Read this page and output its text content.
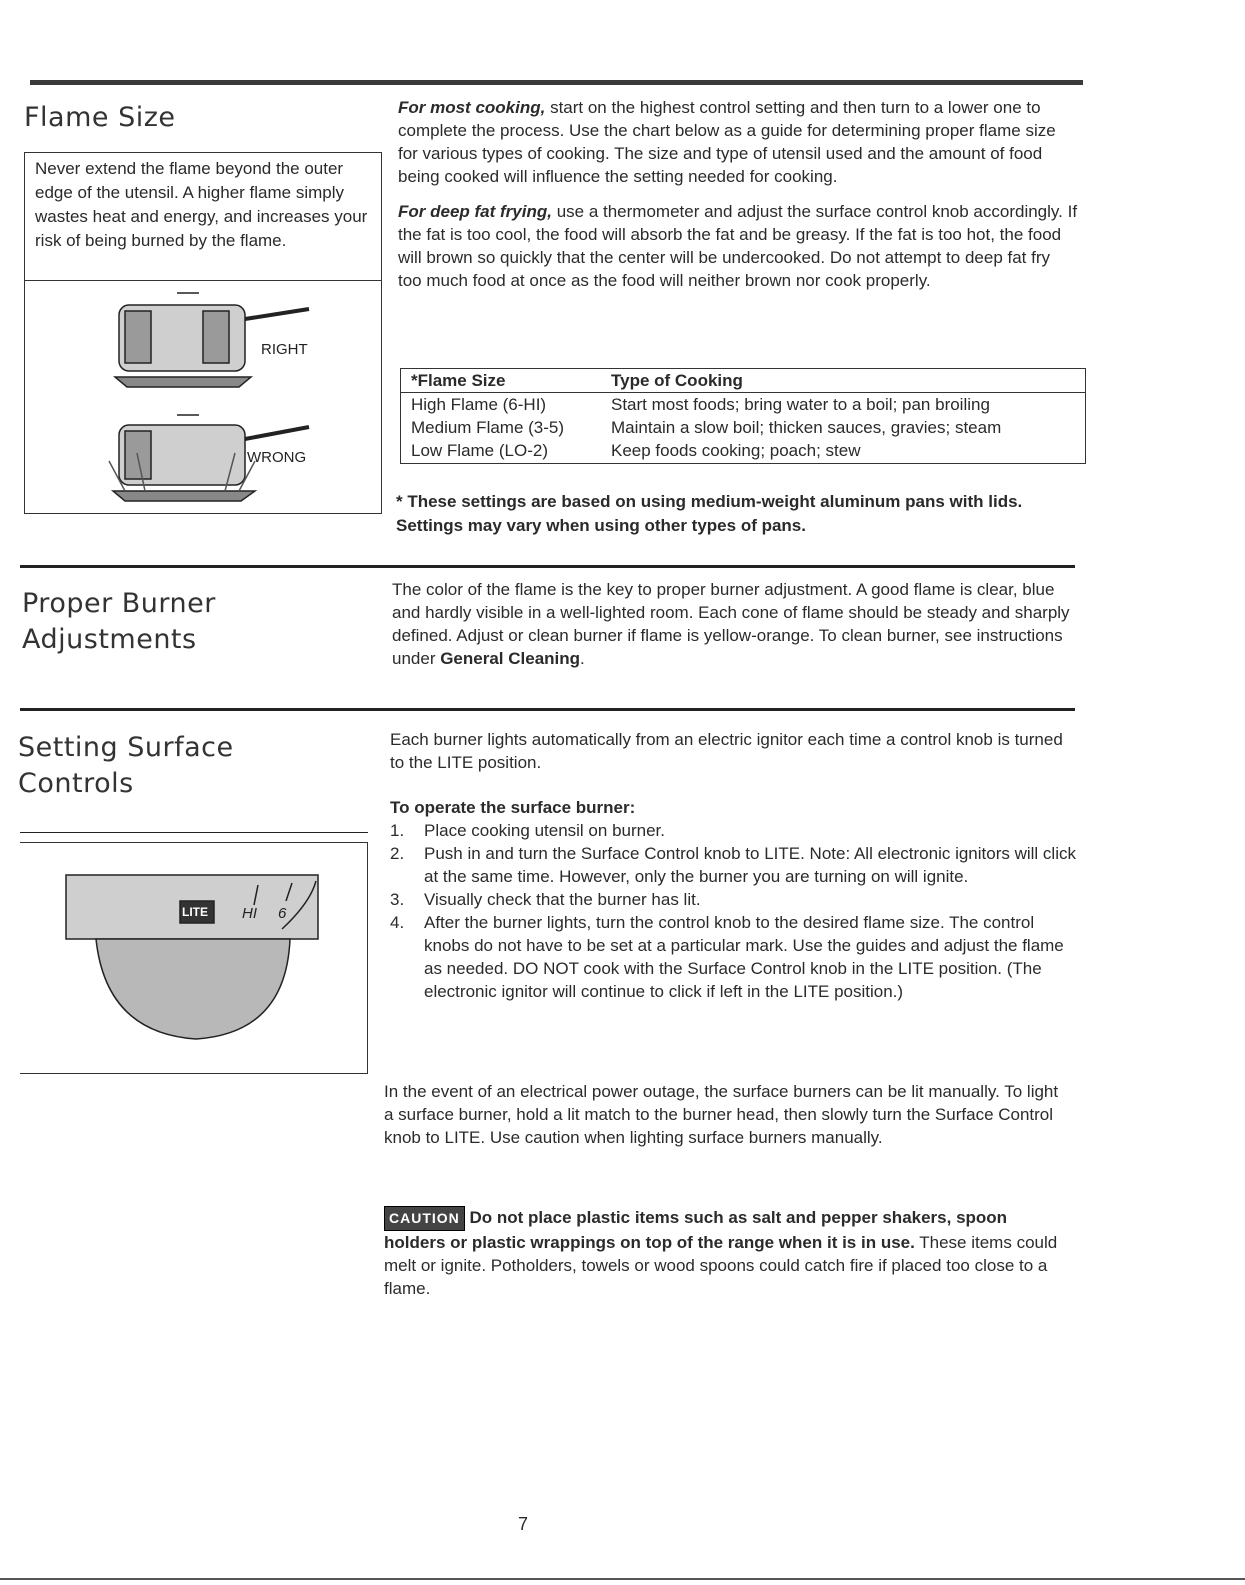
Flame Size
Never extend the flame beyond the outer edge of the utensil. A higher flame simply wastes heat and energy, and increases your risk of being burned by the flame.
RIGHT
WRONG

For most cooking, start on the highest control setting and then turn to a lower one to complete the process. Use the chart below as a guide for determining proper flame size for various types of cooking. The size and type of utensil used and the amount of food being cooked will influence the setting needed for cooking.

For deep fat frying, use a thermometer and adjust the surface control knob accordingly. If the fat is too cool, the food will absorb the fat and be greasy. If the fat is too hot, the food will brown so quickly that the center will be undercooked. Do not attempt to deep fat fry too much food at once as the food will neither brown nor cook properly.

*Flame Size	Type of Cooking
High Flame (6-HI)	Start most foods; bring water to a boil; pan broiling
Medium Flame (3-5)	Maintain a slow boil; thicken sauces, gravies; steam
Low Flame (LO-2)	Keep foods cooking; poach; stew
* These settings are based on using medium-weight aluminum pans with lids. Settings may vary when using other types of pans.
Proper Burner
Adjustments
The color of the flame is the key to proper burner adjustment. A good flame is clear, blue and hardly visible in a well-lighted room. Each cone of flame should be steady and sharply defined. Adjust or clean burner if flame is yellow-orange. To clean burner, see instructions under General Cleaning.
Setting Surface
Controls
LITE HI 6

Each burner lights automatically from an electric ignitor each time a control knob is turned to the LITE position.

To operate the surface burner:

1.	Place cooking utensil on burner.
2.	Push in and turn the Surface Control knob to LITE. Note: All electronic ignitors will click at the same time. However, only the burner you are turning on will ignite.
3.	Visually check that the burner has lit.
4.	After the burner lights, turn the control knob to the desired flame size. The control knobs do not have to be set at a particular mark. Use the guides and adjust the flame as needed. DO NOT cook with the Surface Control knob in the LITE position. (The electronic ignitor will continue to click if left in the LITE position.)
In the event of an electrical power outage, the surface burners can be lit manually. To light a surface burner, hold a lit match to the burner head, then slowly turn the Surface Control knob to LITE. Use caution when lighting surface burners manually.
CAUTION Do not place plastic items such as salt and pepper shakers, spoon holders or plastic wrappings on top of the range when it is in use. These items could melt or ignite. Potholders, towels or wood spoons could catch fire if placed too close to a flame.
7
